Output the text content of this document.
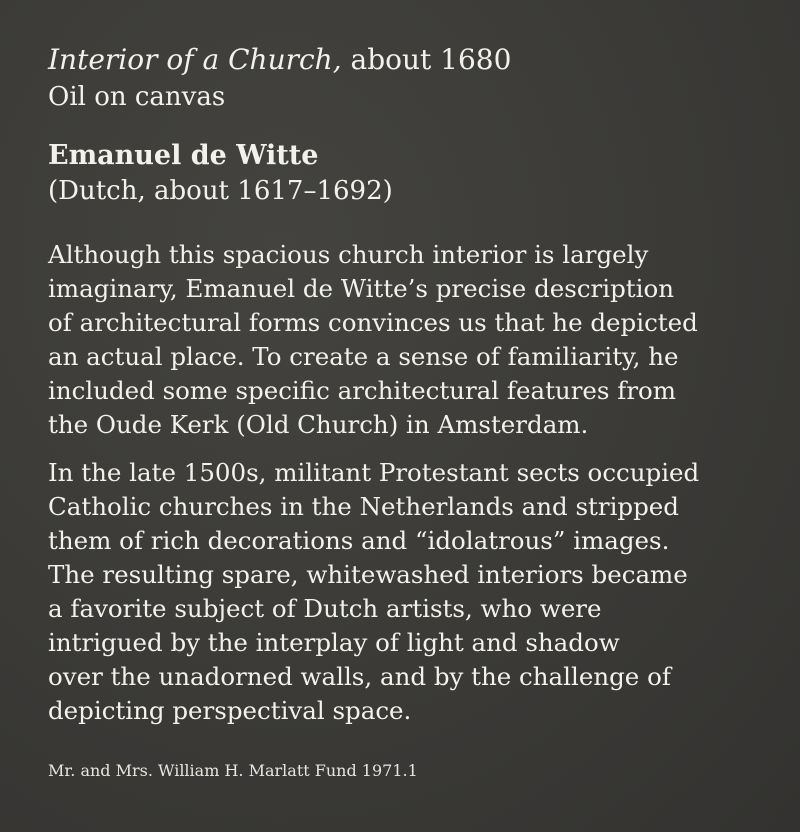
Interior of a Church, about 1680
Oil on canvas
Emanuel de Witte
(Dutch, about 1617–1692)
Although this spacious church interior is largely
imaginary, Emanuel de Witte’s precise description
of architectural forms convinces us that he depicted
an actual place. To create a sense of familiarity, he
included some specific architectural features from
the Oude Kerk (Old Church) in Amsterdam.
In the late 1500s, militant Protestant sects occupied
Catholic churches in the Netherlands and stripped
them of rich decorations and “idolatrous” images.
The resulting spare, whitewashed interiors became
a favorite subject of Dutch artists, who were
intrigued by the interplay of light and shadow
over the unadorned walls, and by the challenge of
depicting perspectival space.
Mr. and Mrs. William H. Marlatt Fund 1971.1
